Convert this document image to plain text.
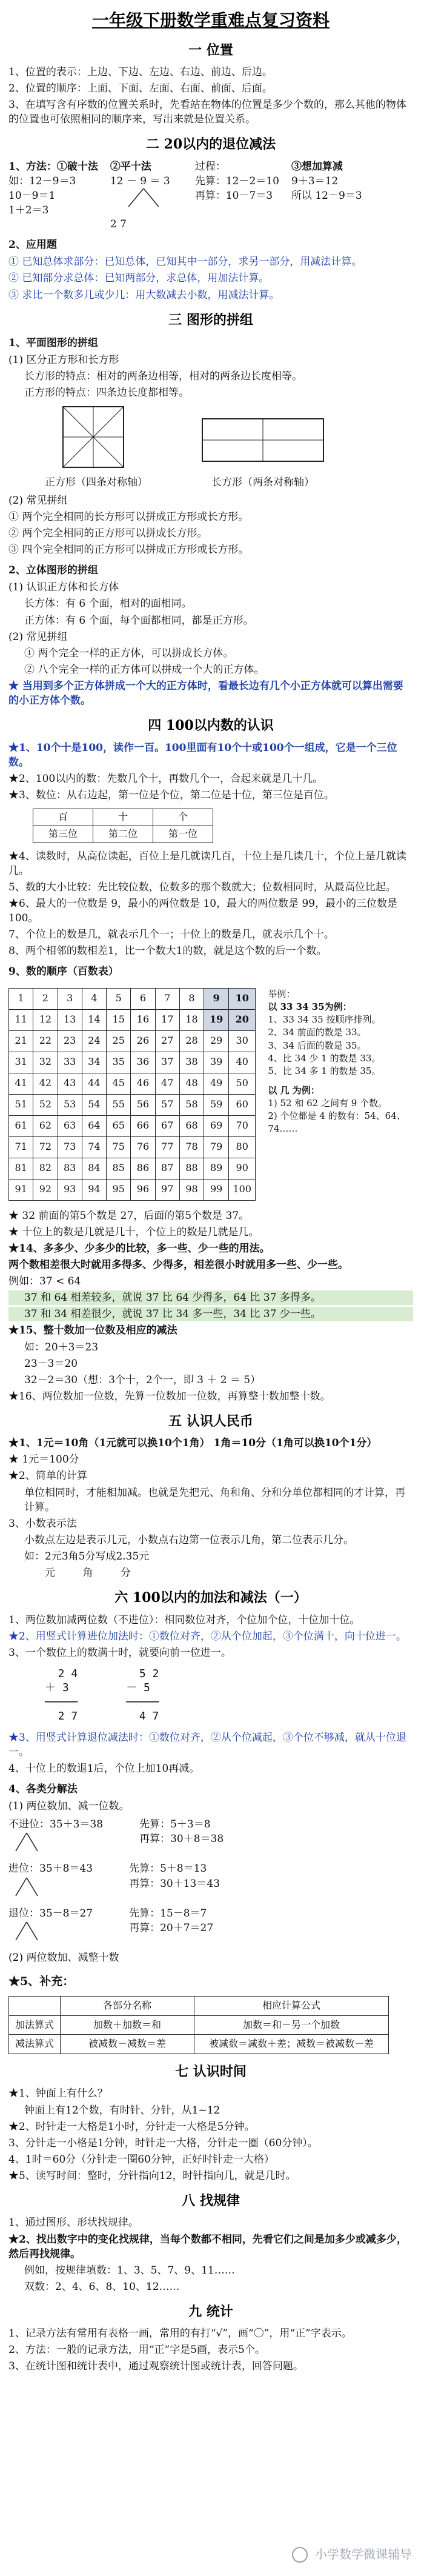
一年级下册数学重难点复习资料
一 位置
1、位置的表示：上边、下边、左边、右边、前边、后边。
2、位置的顺序：上面、下面、左面、右面、前面、后面。
3、在填写含有序数的位置关系时，先看站在物体的位置是多少个数的，那么其他的物体的位置也可依照相同的顺序来，写出来就是位置关系。
二 20以内的退位减法
1、方法：①破十法
如：12－9＝3
10－9＝1
1＋2＝3
②平十法
12 － 9 ＝ 3
2 7
过程：
先算：12－2＝10
再算：10－7＝3
③想加算减
9＋3＝12
所以 12－9＝3
2、应用题
① 已知总体求部分：已知总体，已知其中一部分，求另一部分，用减法计算。
② 已知部分求总体：已知两部分，求总体，用加法计算。
③ 求比一个数多几或少几：用大数减去小数，用减法计算。
三 图形的拼组
1、平面图形的拼组
(1) 区分正方形和长方形
长方形的特点：相对的两条边相等，相对的两条边长度相等。
正方形的特点：四条边长度都相等。
正方形（四条对称轴）	长方形（两条对称轴）
(2) 常见拼组
① 两个完全相同的长方形可以拼成正方形或长方形。
② 两个完全相同的正方形可以拼成长方形。
③ 四个完全相同的正方形可以拼成正方形或长方形。
2、立体图形的拼组
(1) 认识正方体和长方体
长方体：有 6 个面，相对的面相同。
正方体：有 6 个面，每个面都相同，都是正方形。
(2) 常见拼组
① 两个完全一样的正方体，可以拼成长方体。
② 八个完全一样的正方体可以拼成一个大的正方体。
★ 当用到多个正方体拼成一个大的正方体时，看最长边有几个小正方体就可以算出需要的小正方体个数。
四 100以内数的认识
★1、10个十是100，读作一百。100里面有10个十或100个一组成，它是一个三位数。
★2、100以内的数：先数几个十，再数几个一，合起来就是几十几。
★3、数位：从右边起，第一位是个位，第二位是十位，第三位是百位。
百	十	个
第三位	第二位	第一位
★4、读数时，从高位读起，百位上是几就读几百，十位上是几读几十，个位上是几就读几。
5、数的大小比较：先比较位数，位数多的那个数就大；位数相同时，从最高位比起。
★6、最大的一位数是 9，最小的两位数是 10，最大的两位数是 99，最小的三位数是 100。
7、个位上的数是几，就表示几个一；十位上的数是几，就表示几个十。
8、两个相邻的数相差1，比一个数大1的数，就是这个数的后一个数。
9、数的顺序（百数表）
1	2	3	4	5	6	7	8	9	10
11	12	13	14	15	16	17	18	19	20
21	22	23	24	25	26	27	28	29	30
31	32	33	34	35	36	37	38	39	40
41	42	43	44	45	46	47	48	49	50
51	52	53	54	55	56	57	58	59	60
61	62	63	64	65	66	67	68	69	70
71	72	73	74	75	76	77	78	79	80
81	82	83	84	85	86	87	88	89	90
91	92	93	94	95	96	97	98	99	100
举例：
以 33 34 35为例：
1、33 34 35 按顺序排列。
2、34 前面的数是 33。
3、34 后面的数是 35。
4、比 34 少 1 的数是 33。
5、比 34 多 1 的数是 35。
以 几 为例：
1) 52 和 62 之间有 9 个数。
2) 个位都是 4 的数有：54、64、74……
★ 32 前面的第5个数是 27，后面的第5个数是 37。
★ 十位上的数是几就是几十，个位上的数是几就是几。
★14、多多少、少多少的比较，多一些、少一些的用法。
两个数相差很大时就用多得多、少得多，相差很小时就用多一些、少一些。
例如：37 < 64
37 和 64 相差较多，就说 37 比 64 少得多，64 比 37 多得多。
37 和 34 相差很少，就说 37 比 34 多一些，34 比 37 少一些。
★15、整十数加一位数及相应的减法
如：20＋3＝23
23－3＝20
32－2＝30（想：3个十，2个一，即 3 ＋ 2 ＝ 5）
★16、两位数加一位数，先算一位数加一位数，再算整十数加整十数。
五 认识人民币
★1、1元＝10角（1元就可以换10个1角） 1角＝10分（1角可以换10个1分）
★ 1元＝100分
★2、简单的计算
单位相同时，才能相加减。也就是先把元、角和角、分和分单位都相同的才计算，再计算。
3、小数表示法
小数点左边是表示几元，小数点右边第一位表示几角，第二位表示几分。
如：2元3角5分写成2.35元
元 角 分
六 100以内的加法和减法（一）
1、两位数加减两位数（不进位）：相同数位对齐，个位加个位，十位加十位。
★2、用竖式计算进位加法时：①数位对齐，②从个位加起，③个位满十，向十位进一。
3、一个数位上的数满十时，就要向前一位进一。
2 4
＋ 3
─────
2 7
5 2
－ 5
─────
4 7
★3、用竖式计算退位减法时：①数位对齐，②从个位减起，③个位不够减，就从十位退一。
4、十位上的数退1后，个位上加10再减。
4、各类分解法
(1) 两位数加、减一位数。
不进位：35＋3＝38	先算：5＋3＝8
再算：30＋8＝38
进位：35＋8＝43	先算：5＋8＝13
再算：30＋13＝43
退位：35－8＝27	先算：15－8＝7
再算：20＋7＝27
(2) 两位数加、减整十数
★5、补充：
	各部分名称	相应计算公式
加法算式	加数＋加数＝和	加数＝和－另一个加数
减法算式	被减数－减数＝差	被减数＝减数＋差；减数＝被减数－差
七 认识时间
★1、钟面上有什么？
钟面上有12个数，有时针、分针，从1~12
★2、时针走一大格是1小时，分针走一大格是5分钟。
3、分针走一小格是1分钟，时针走一大格，分针走一圈（60分钟）。
4、1时＝60分（分针走一圈60分钟，正好时针走一大格）
★5、读写时间：整时，分针指向12，时针指向几，就是几时。
八 找规律
1、通过图形、形状找规律。
★2、找出数字中的变化找规律，当每个数都不相同，先看它们之间是加多少或减多少，然后再找规律。
例如，按规律填数：1、3、5、7、9、11……
双数：2、4、6、8、10、12……
九 统计
1、记录方法有常用有表格一画，常用的有打“√”，画“〇”，用“正”字表示。
2、方法：一般的记录方法，用“正”字是5画，表示5个。
3、在统计图和统计表中，通过观察统计图或统计表，回答问题。
小学数学微课辅导
